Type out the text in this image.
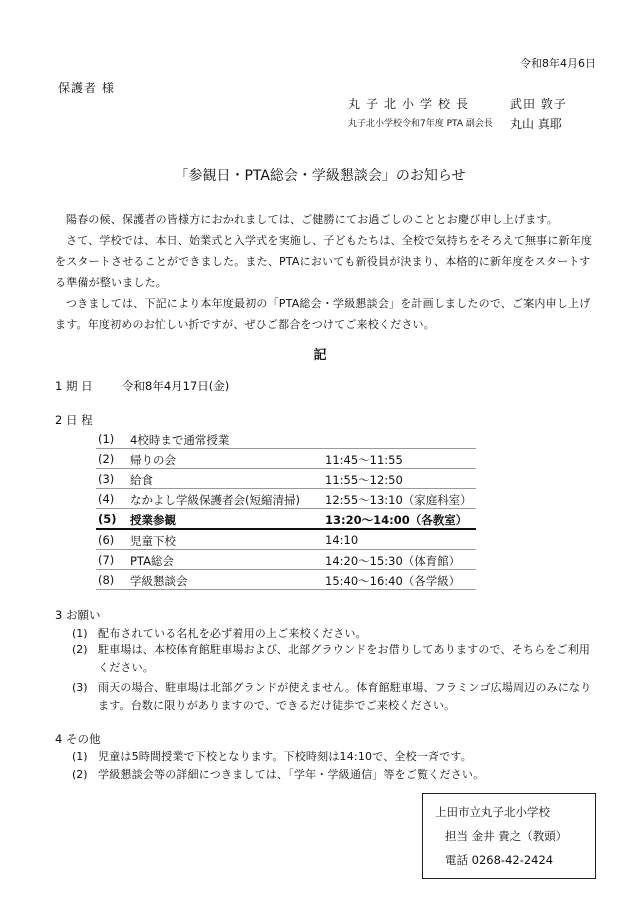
令和8年4月6日
保護者 様
丸子北小学校長	武田 敦子
丸子北小学校令和7年度 PTA 副会長 丸山 真耶
「参観日・PTA総会・学級懇談会」のお知らせ
陽春の候、保護者の皆様方におかれましては、ご健勝にてお過ごしのこととお慶び申し上げます。
さて、学校では、本日、始業式と入学式を実施し、子どもたちは、全校で気持ちをそろえて無事に新年度をスタートさせることができました。また、PTAにおいても新役員が決まり、本格的に新年度をスタートする準備が整いました。
つきましては、下記により本年度最初の「PTA総会・学級懇談会」を計画しましたので、ご案内申し上げます。年度初めのお忙しい折ですが、ぜひご都合をつけてご来校ください。
記
1 期 日	令和8年4月17日(金)
2 日 程
(1) 4校時まで通常授業
(2) 帰りの会	11:45～11:55
(3) 給食	11:55～12:50
(4) なかよし学級保護者会(短縮清掃) 12:55～13:10（家庭科室）
(5) 授業参観	13:20～14:00（各教室）
(6) 児童下校	14:10
(7) PTA総会	14:20～15:30（体育館）
(8) 学級懇談会	15:40～16:40（各学級）
3 お願い
(1) 配布されている名札を必ず着用の上ご来校ください。
(2) 駐車場は、本校体育館駐車場および、北部グラウンドをお借りしてありますので、そちらをご利用ください。
(3) 雨天の場合、駐車場は北部グランドが使えません。体育館駐車場、フラミンゴ広場周辺のみになります。台数に限りがありますので、できるだけ徒歩でご来校ください。
4 その他
(1) 児童は5時間授業で下校となります。下校時刻は14:10で、全校一斉です。
(2) 学級懇談会等の詳細につきましては、「学年・学級通信」等をご覧ください。
上田市立丸子北小学校
担当 金井 貴之（教頭）
電話 0268-42-2424
